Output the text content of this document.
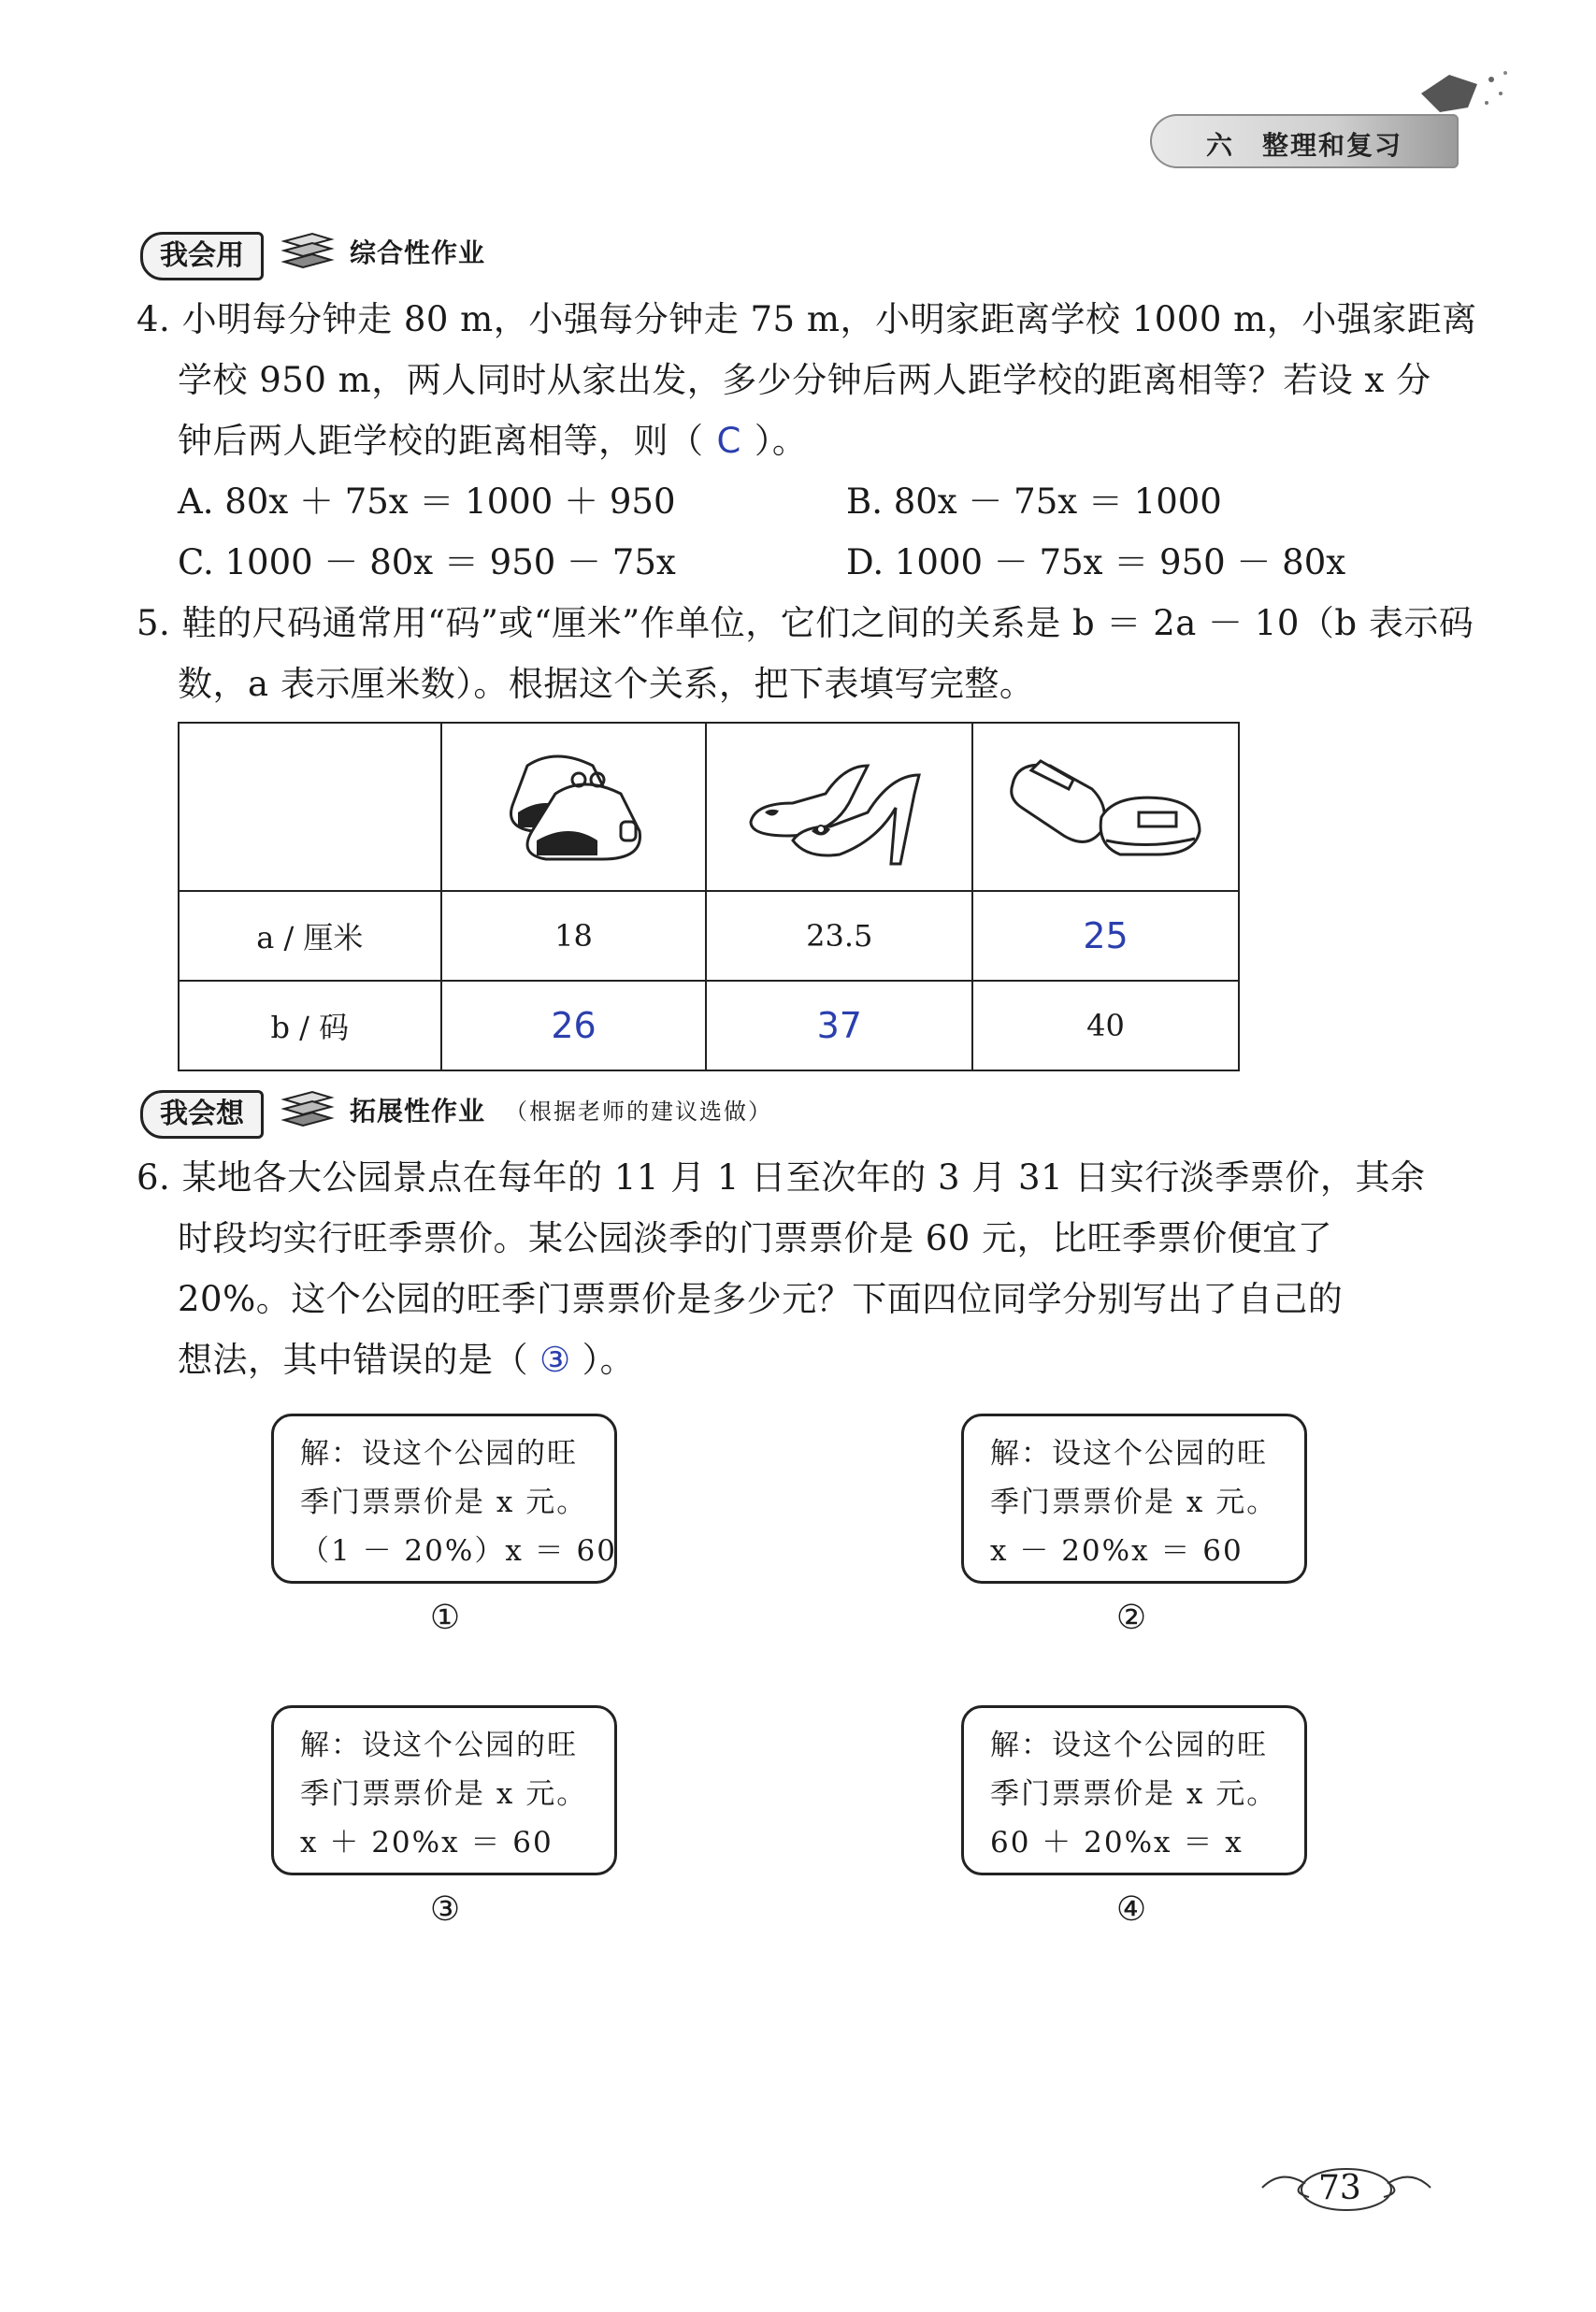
六　整理和复习
我会用	综合性作业
4. 小明每分钟走 80 m，小强每分钟走 75 m，小明家距离学校 1000 m，小强家距离
学校 950 m，两人同时从家出发，多少分钟后两人距学校的距离相等？若设 x 分
钟后两人距学校的距离相等，则（ C ）。
A. 80x ＋ 75x ＝ 1000 ＋ 950	B. 80x － 75x ＝ 1000
C. 1000 － 80x ＝ 950 － 75x	D. 1000 － 75x ＝ 950 － 80x
5. 鞋的尺码通常用“码”或“厘米”作单位，它们之间的关系是 b ＝ 2a － 10（b 表示码
数，a 表示厘米数）。根据这个关系，把下表填写完整。

a / 厘米	18	23.5	25
b / 码	26	37	40
我会想	拓展性作业 （根据老师的建议选做）
6. 某地各大公园景点在每年的 11 月 1 日至次年的 3 月 31 日实行淡季票价，其余
时段均实行旺季票价。某公园淡季的门票票价是 60 元，比旺季票价便宜了
20%。这个公园的旺季门票票价是多少元？下面四位同学分别写出了自己的
想法，其中错误的是（ ③ ）。
解：设这个公园的旺
季门票票价是 x 元。
（1 － 20%）x ＝ 60
①
解：设这个公园的旺
季门票票价是 x 元。
x － 20%x ＝ 60
②
解：设这个公园的旺
季门票票价是 x 元。
x ＋ 20%x ＝ 60
③
解：设这个公园的旺
季门票票价是 x 元。
60 ＋ 20%x ＝ x
④
73
